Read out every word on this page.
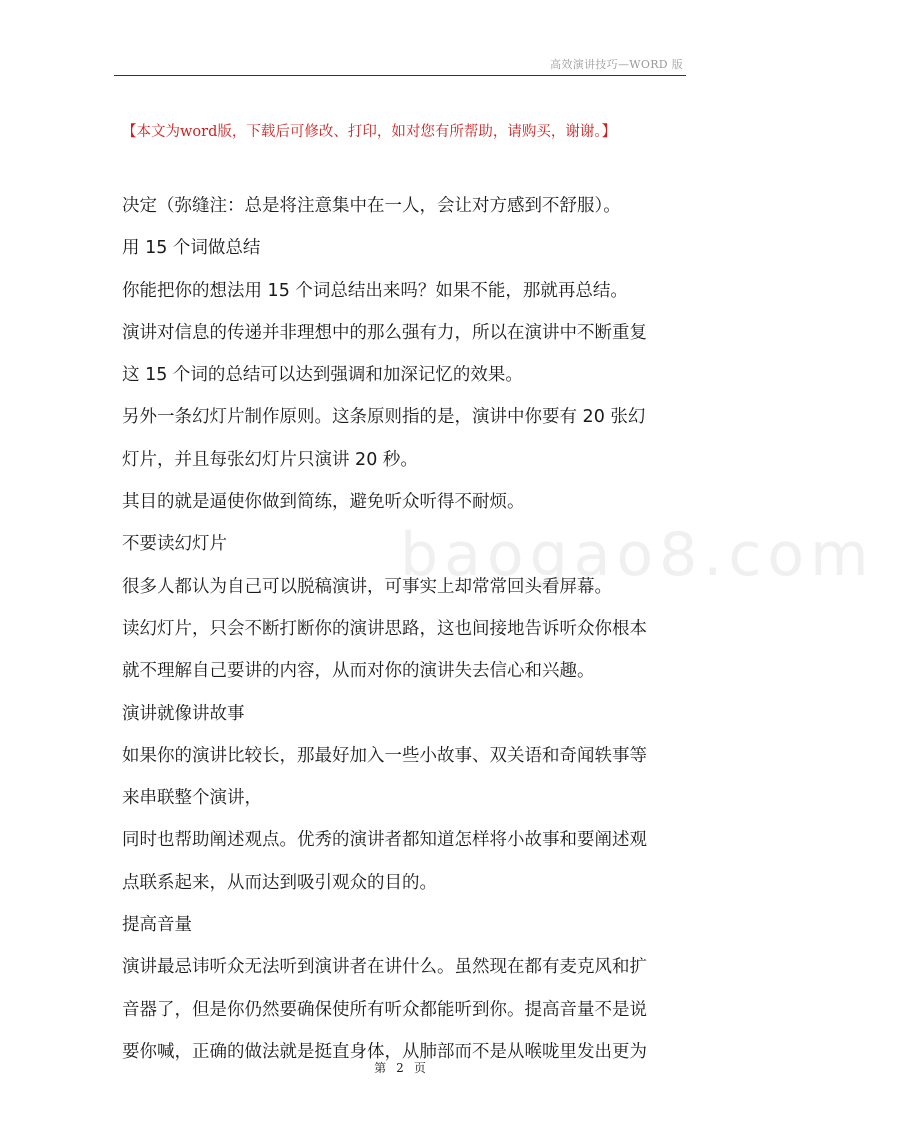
baogao8.com
高效演讲技巧—WORD 版
【本文为word版，下载后可修改、打印，如对您有所帮助，请购买，谢谢。】
决定（弥缝注：总是将注意集中在一人，会让对方感到不舒服）。
用 15 个词做总结
你能把你的想法用 15 个词总结出来吗？如果不能，那就再总结。
演讲对信息的传递并非理想中的那么强有力，所以在演讲中不断重复
这 15 个词的总结可以达到强调和加深记忆的效果。
另外一条幻灯片制作原则。这条原则指的是，演讲中你要有 20 张幻
灯片，并且每张幻灯片只演讲 20 秒。
其目的就是逼使你做到简练，避免听众听得不耐烦。
不要读幻灯片
很多人都认为自己可以脱稿演讲，可事实上却常常回头看屏幕。
读幻灯片，只会不断打断你的演讲思路，这也间接地告诉听众你根本
就不理解自己要讲的内容，从而对你的演讲失去信心和兴趣。
演讲就像讲故事
如果你的演讲比较长，那最好加入一些小故事、双关语和奇闻轶事等
来串联整个演讲，
同时也帮助阐述观点。优秀的演讲者都知道怎样将小故事和要阐述观
点联系起来，从而达到吸引观众的目的。
提高音量
演讲最忌讳听众无法听到演讲者在讲什么。虽然现在都有麦克风和扩
音器了，但是你仍然要确保使所有听众都能听到你。提高音量不是说
要你喊，正确的做法就是挺直身体，从肺部而不是从喉咙里发出更为
第 2 页
